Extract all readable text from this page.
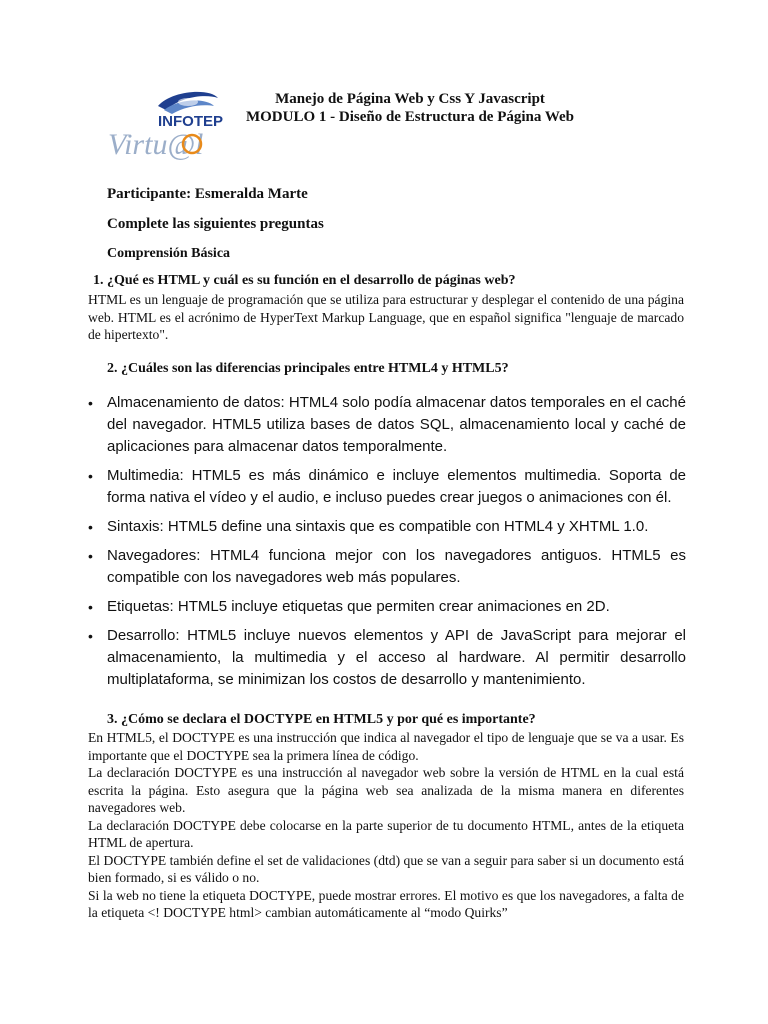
INFOTEP
Virtu@l
Manejo de Página Web y Css Y Javascript
MODULO 1 - Diseño de Estructura de Página Web
Participante: Esmeralda Marte
Complete las siguientes preguntas
Comprensión Básica
1. ¿Qué es HTML y cuál es su función en el desarrollo de páginas web?
HTML es un lenguaje de programación que se utiliza para estructurar y desplegar el contenido de una página web. HTML es el acrónimo de HyperText Markup Language, que en español significa "lenguaje de marcado de hipertexto".
2. ¿Cuáles son las diferencias principales entre HTML4 y HTML5?
• Almacenamiento de datos: HTML4 solo podía almacenar datos temporales en el caché del navegador. HTML5 utiliza bases de datos SQL, almacenamiento local y caché de aplicaciones para almacenar datos temporalmente.
• Multimedia: HTML5 es más dinámico e incluye elementos multimedia. Soporta de forma nativa el vídeo y el audio, e incluso puedes crear juegos o animaciones con él.
• Sintaxis: HTML5 define una sintaxis que es compatible con HTML4 y XHTML 1.0.
• Navegadores: HTML4 funciona mejor con los navegadores antiguos. HTML5 es compatible con los navegadores web más populares.
• Etiquetas: HTML5 incluye etiquetas que permiten crear animaciones en 2D.
• Desarrollo: HTML5 incluye nuevos elementos y API de JavaScript para mejorar el almacenamiento, la multimedia y el acceso al hardware. Al permitir desarrollo multiplataforma, se minimizan los costos de desarrollo y mantenimiento.
3. ¿Cómo se declara el DOCTYPE en HTML5 y por qué es importante?

En HTML5, el DOCTYPE es una instrucción que indica al navegador el tipo de lenguaje que se va a usar. Es importante que el DOCTYPE sea la primera línea de código.

La declaración DOCTYPE es una instrucción al navegador web sobre la versión de HTML en la cual está escrita la página. Esto asegura que la página web sea analizada de la misma manera en diferentes navegadores web.

La declaración DOCTYPE debe colocarse en la parte superior de tu documento HTML, antes de la etiqueta HTML de apertura.

El DOCTYPE también define el set de validaciones (dtd) que se van a seguir para saber si un documento está bien formado, si es válido o no.

Si la web no tiene la etiqueta DOCTYPE, puede mostrar errores. El motivo es que los navegadores, a falta de la etiqueta <! DOCTYPE html> cambian automáticamente al “modo Quirks”
